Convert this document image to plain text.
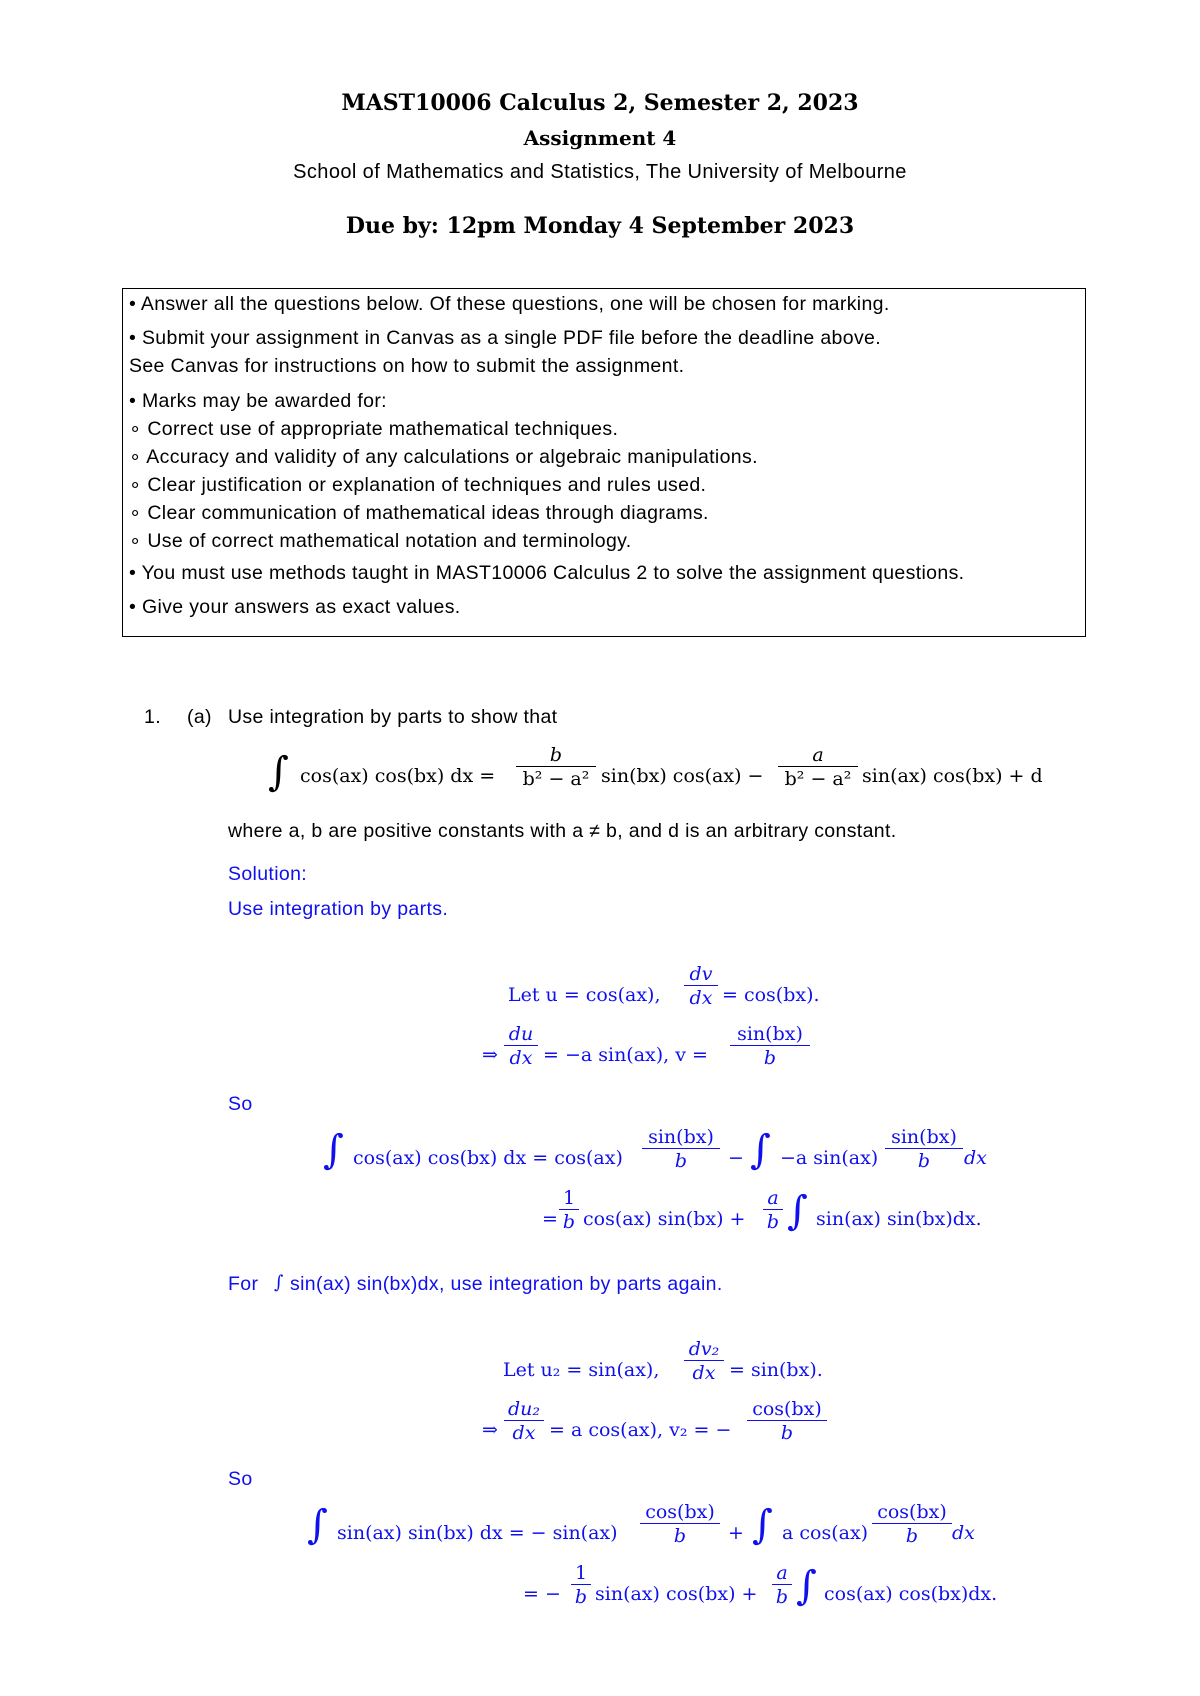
MAST10006 Calculus 2, Semester 2, 2023
Assignment 4
School of Mathematics and Statistics, The University of Melbourne
Due by: 12pm Monday 4 September 2023
• Answer all the questions below. Of these questions, one will be chosen for marking.
• Submit your assignment in Canvas as a single PDF file before the deadline above.
See Canvas for instructions on how to submit the assignment.
• Marks may be awarded for:
∘ Correct use of appropriate mathematical techniques.
∘ Accuracy and validity of any calculations or algebraic manipulations.
∘ Clear justification or explanation of techniques and rules used.
∘ Clear communication of mathematical ideas through diagrams.
∘ Use of correct mathematical notation and terminology.
• You must use methods taught in MAST10006 Calculus 2 to solve the assignment questions.
• Give your answers as exact values.
1. (a) Use integration by parts to show that
∫ cos(ax) cos(bx) dx = $\frac{b}{\text{b² − a²}} \sin(bx) \cos(ax) - \frac{a}{\text{b² − a²}} \sin(ax) \cos(bx) + d$
where a, b are positive constants with a ≠ b, and d is an arbitrary constant.
Solution:
Use integration by parts.
Let u = cos(ax), $\frac{dv}{dx} = \cos(bx)$.
⇒ $\frac{du}{dx} = -a$ sin(ax), $v = \frac{\sin(bx)}{b}$
So
∫ cos(ax) cos(bx) dx = $\cos(ax) \frac{\sin(bx)}{b}$ − ∫ −a $\sin(ax) \frac{\sin(bx)}{b}$ dx
= $\frac{1}{b} \cos(ax) \sin(bx) + \frac{a}{b}$ ∫ sin(ax) sin(bx)dx.
For ∫ sin(ax) sin(bx)dx, use integration by parts again.
Let u₂ = sin(ax), $\frac{\text{dv₂}}{dx} = \sin(bx)$.
⇒ $\frac{\text{du₂}}{dx} = a$ cos(ax), v₂ = − $\frac{\cos(bx)}{b}$
So
∫ sin(ax) sin(bx) dx = − $\sin(ax) \frac{\cos(bx)}{b}$ + ∫ a $\cos(ax) \frac{\cos(bx)}{b}$ dx
= − $\frac{1}{b} \sin(ax) \cos(bx) + \frac{a}{b}$ ∫ cos(ax) cos(bx)dx.
